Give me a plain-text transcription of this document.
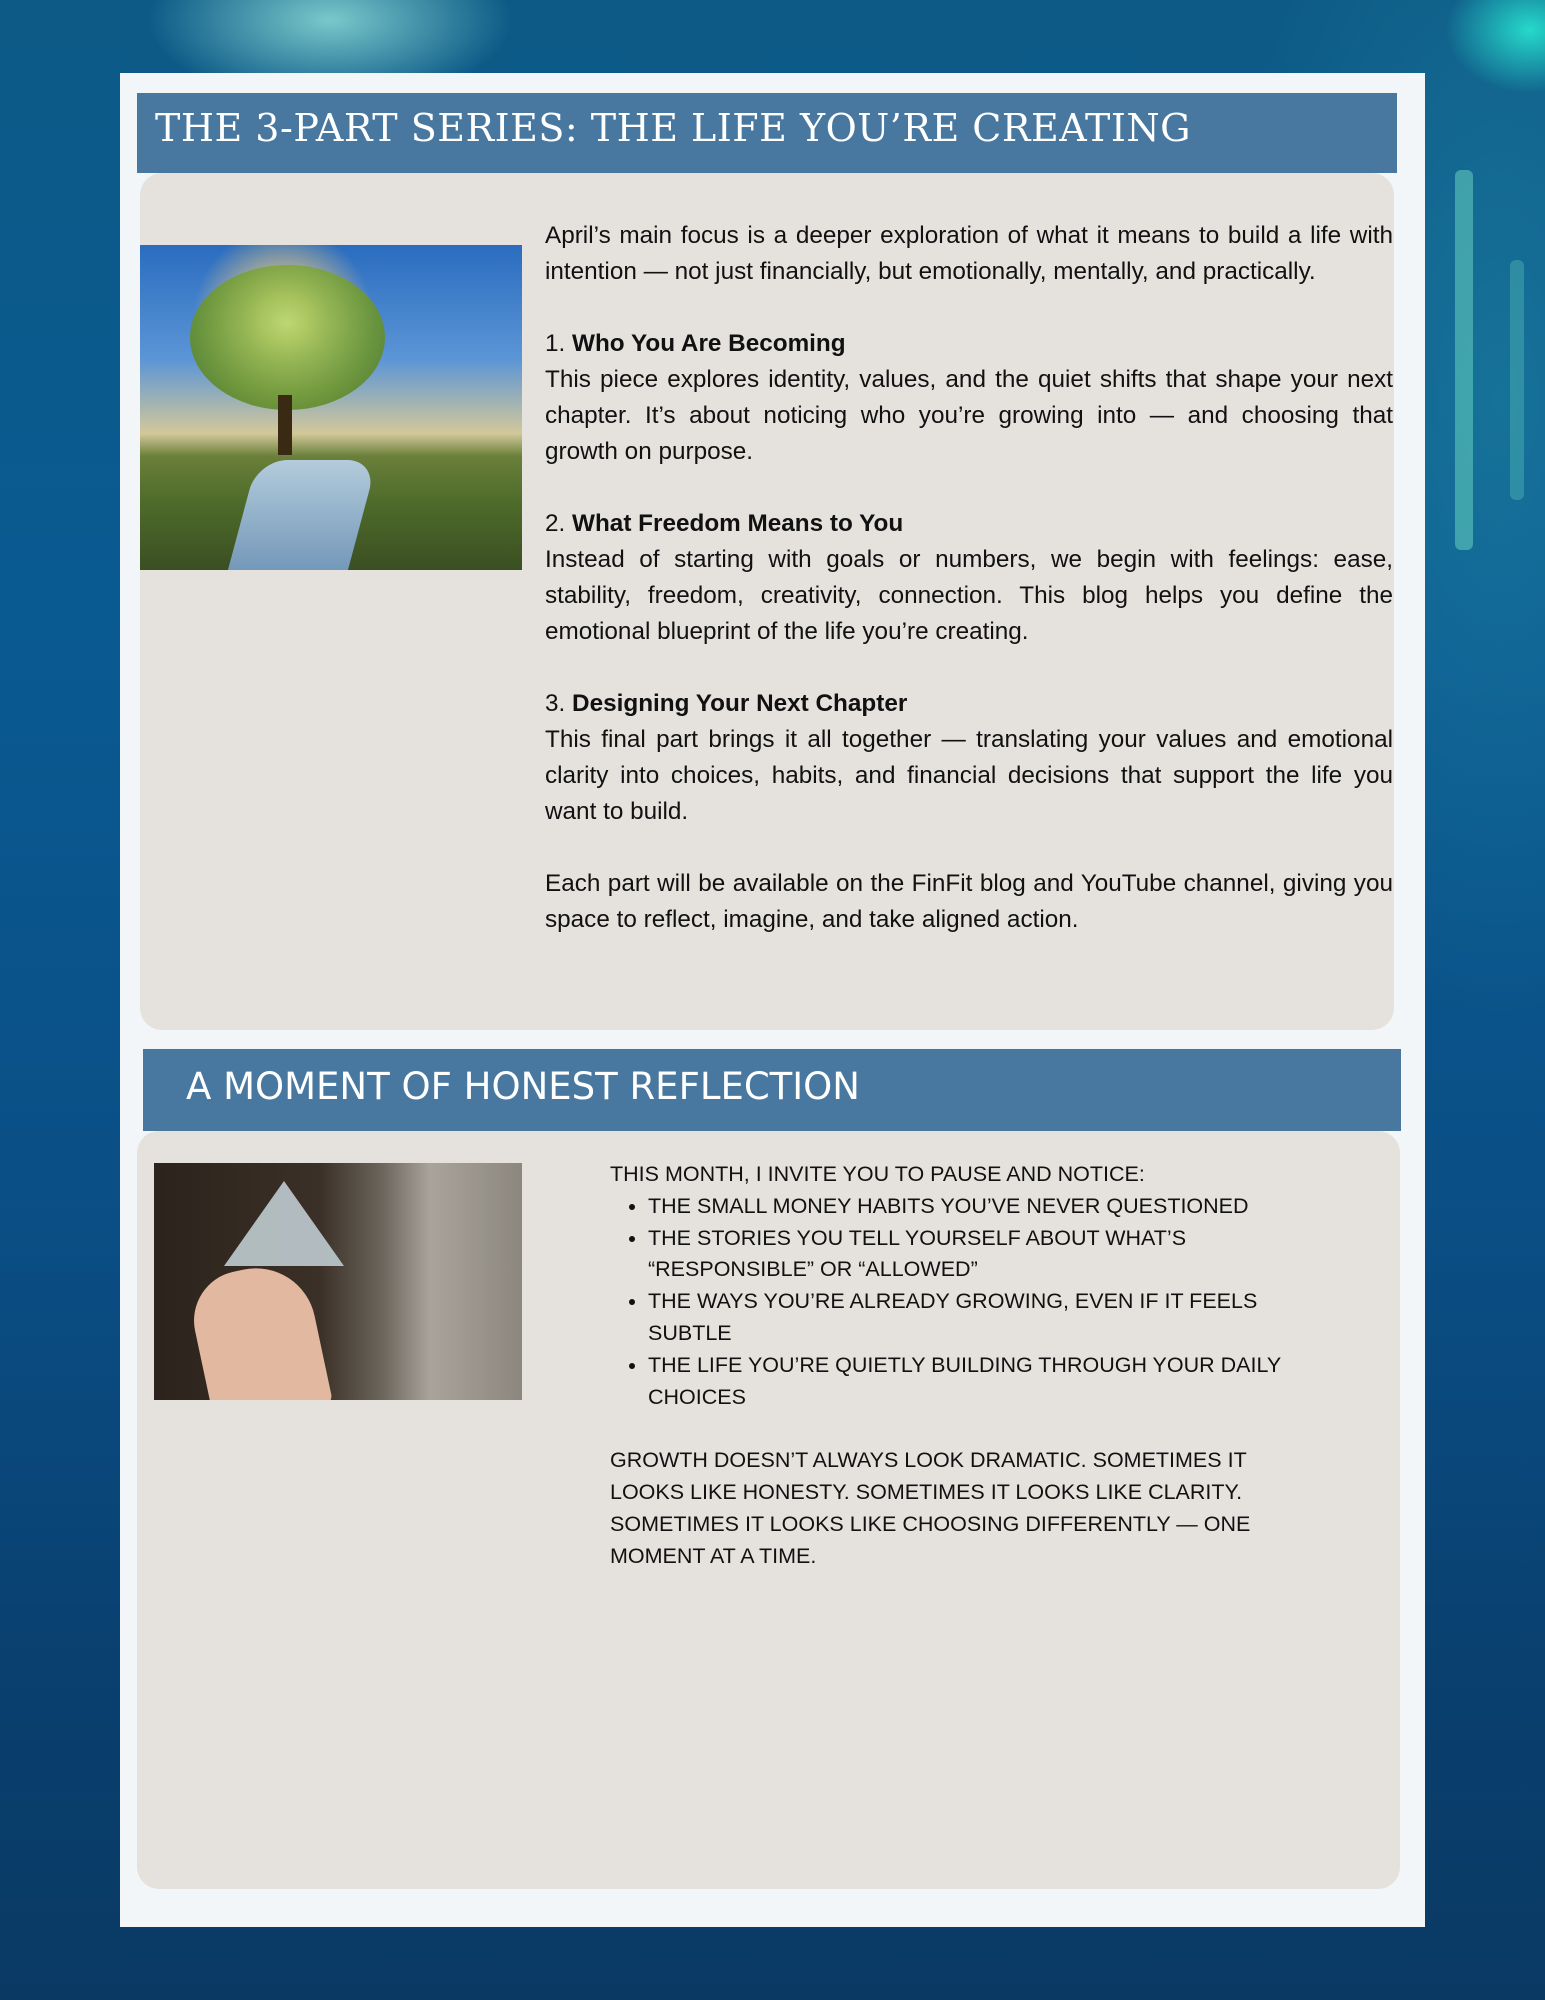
THE 3-PART SERIES: THE LIFE YOU’RE CREATING

April’s main focus is a deeper exploration of what it means to build a life with intention — not just financially, but emotionally, mentally, and practically.

1. Who You Are Becoming
This piece explores identity, values, and the quiet shifts that shape your next chapter. It’s about noticing who you’re growing into — and choosing that growth on purpose.

2. What Freedom Means to You
Instead of starting with goals or numbers, we begin with feelings: ease, stability, freedom, creativity, connection. This blog helps you define the emotional blueprint of the life you’re creating.

3. Designing Your Next Chapter
This final part brings it all together — translating your values and emotional clarity into choices, habits, and financial decisions that support the life you want to build.

Each part will be available on the FinFit blog and YouTube channel, giving you space to reflect, imagine, and take aligned action.

A MOMENT OF HONEST REFLECTION

THIS MONTH, I INVITE YOU TO PAUSE AND NOTICE:

• THE SMALL MONEY HABITS YOU’VE NEVER QUESTIONED
• THE STORIES YOU TELL YOURSELF ABOUT WHAT’S “RESPONSIBLE” OR “ALLOWED”
• THE WAYS YOU’RE ALREADY GROWING, EVEN IF IT FEELS SUBTLE
• THE LIFE YOU’RE QUIETLY BUILDING THROUGH YOUR DAILY CHOICES

GROWTH DOESN’T ALWAYS LOOK DRAMATIC. SOMETIMES IT LOOKS LIKE HONESTY. SOMETIMES IT LOOKS LIKE CLARITY. SOMETIMES IT LOOKS LIKE CHOOSING DIFFERENTLY — ONE MOMENT AT A TIME.
